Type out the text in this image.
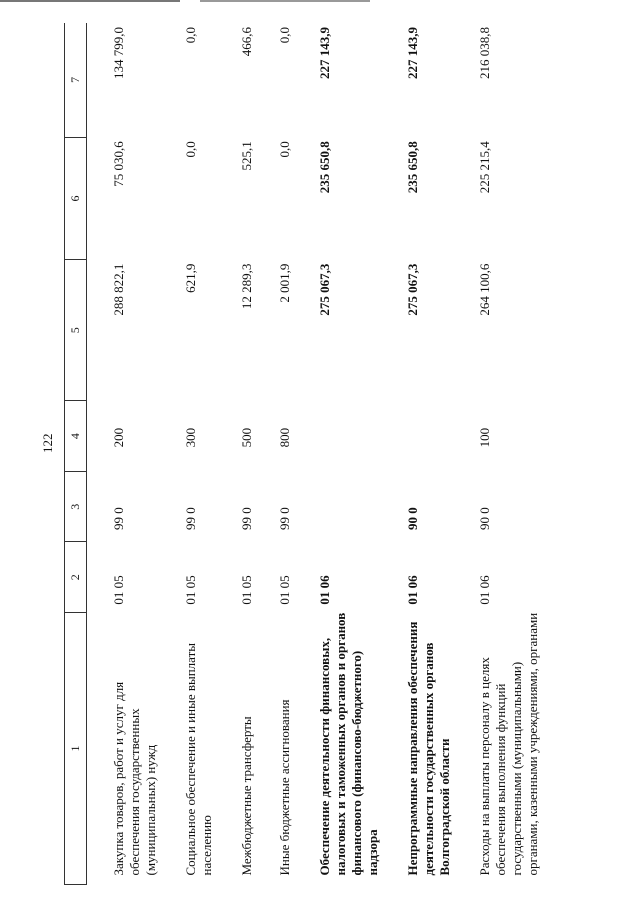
122
1	2	3	4	5	6	7
Закупка товаров, работ и услуг для обеспечения государственных (муниципальных) нужд	01 05	99 0	200	288 822,1	75 030,6	134 799,0
Социальное обеспечение и иные выплаты населению	01 05	99 0	300	621,9	0,0	0,0
Межбюджетные трансферты	01 05	99 0	500	12 289,3	525,1	466,6
Иные бюджетные ассигнования	01 05	99 0	800	2 001,9	0,0	0,0
Обеспечение деятельности финансовых, налоговых и таможенных органов и органов финансового (финансово-бюджетного) надзора	01 06			275 067,3	235 650,8	227 143,9
Непрограммные направления обеспечения деятельности государственных органов Волгоградской области	01 06	90 0		275 067,3	235 650,8	227 143,9
Расходы на выплаты персоналу в целях обеспечения выполнения функций государственными (муниципальными) органами, казенными учреждениями, органами	01 06	90 0	100	264 100,6	225 215,4	216 038,8
